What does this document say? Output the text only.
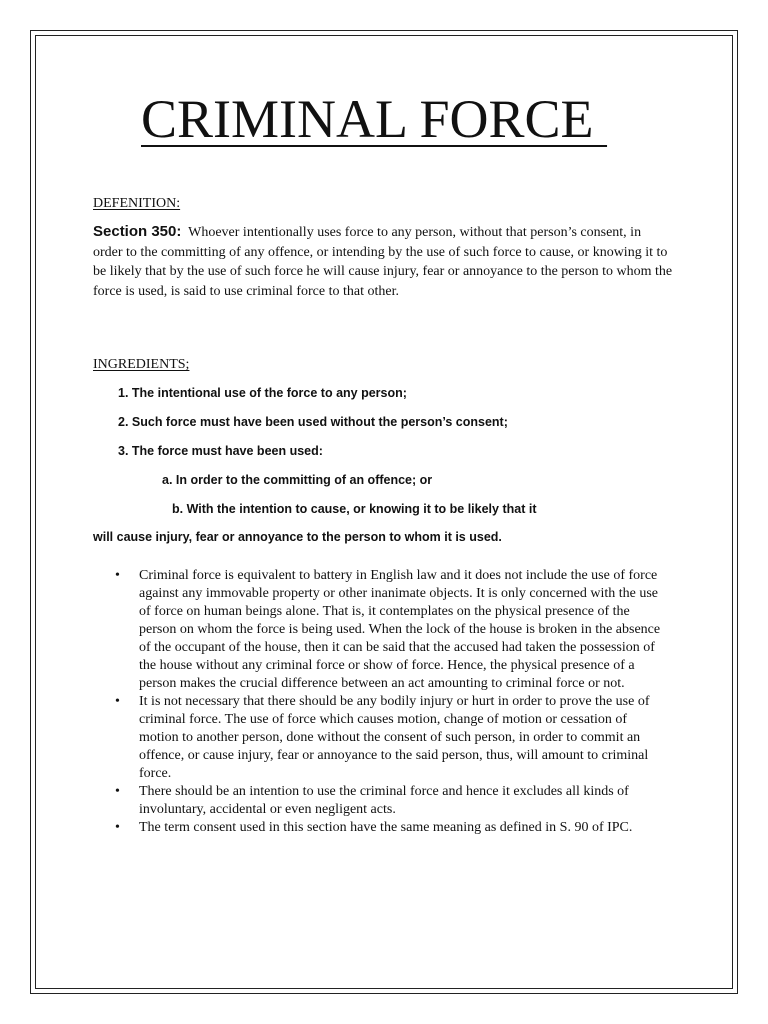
CRIMINAL FORCE
DEFENITION:
Section 350: Whoever intentionally uses force to any person, without that person’s consent, in order to the committing of any offence, or intending by the use of such force to cause, or knowing it to be likely that by the use of such force he will cause injury, fear or annoyance to the person to whom the force is used, is said to use criminal force to that other.
INGREDIENTS;
1. The intentional use of the force to any person;
2. Such force must have been used without the person’s consent;
3. The force must have been used:
a. In order to the committing of an offence; or
b. With the intention to cause, or knowing it to be likely that it
will cause injury, fear or annoyance to the person to whom it is used.
• Criminal force is equivalent to battery in English law and it does not include the use of force against any immovable property or other inanimate objects. It is only concerned with the use of force on human beings alone. That is, it contemplates on the physical presence of the person on whom the force is being used. When the lock of the house is broken in the absence of the occupant of the house, then it can be said that the accused had taken the possession of the house without any criminal force or show of force. Hence, the physical presence of a person makes the crucial difference between an act amounting to criminal force or not.
• It is not necessary that there should be any bodily injury or hurt in order to prove the use of criminal force. The use of force which causes motion, change of motion or cessation of motion to another person, done without the consent of such person, in order to commit an offence, or cause injury, fear or annoyance to the said person, thus, will amount to criminal force.
• There should be an intention to use the criminal force and hence it excludes all kinds of involuntary, accidental or even negligent acts.
• The term consent used in this section have the same meaning as defined in S. 90 of IPC.
